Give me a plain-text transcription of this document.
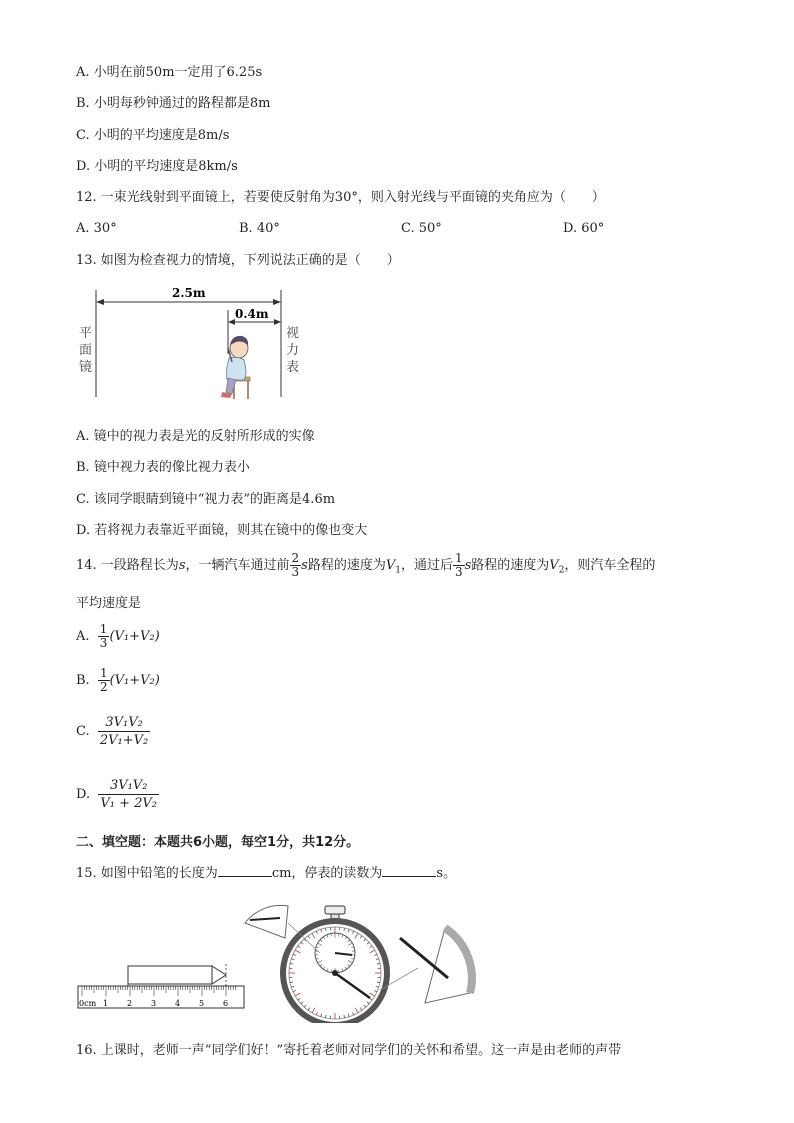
A. 小明在前50m一定用了6.25s
B. 小明每秒钟通过的路程都是8m
C. 小明的平均速度是8m/s
D. 小明的平均速度是8km/s
12. 一束光线射到平面镜上，若要使反射角为30°，则入射光线与平面镜的夹角应为（　　）
A. 30°	B. 40°	C. 50°	D. 60°
13. 如图为检查视力的情境，下列说法正确的是（　　）
2.5m
0.4m
平
面
镜
视
力
表
A. 镜中的视力表是光的反射所形成的实像
B. 镜中视力表的像比视力表小
C. 该同学眼睛到镜中“视力表”的距离是4.6m
D. 若将视力表靠近平面镜，则其在镜中的像也变大
14. 一段路程长为s，一辆汽车通过前 $\frac{2}{3}$ s路程的速度为$V_1$，通过后 $\frac{1}{3}$ s路程的速度为$V_2$，则汽车全程的
平均速度是
A. $\frac{1}{3} (V_1+V_2)$
B. $\frac{1}{2} (V_1+V_2)$
C. $\frac{\text{3V₁V₂}}{\text{2V₁+V₂}}$
D. $\frac{\text{3V₁V₂}}{\text{V₁ + 2V₂}}$
二、填空题：本题共6小题，每空1分，共12分。
15. 如图中铅笔的长度为	cm，停表的读数为	s。
0cm 1 2 3 4 5 6
16. 上课时，老师一声“同学们好！”寄托着老师对同学们的关怀和希望。这一声是由老师的声带
